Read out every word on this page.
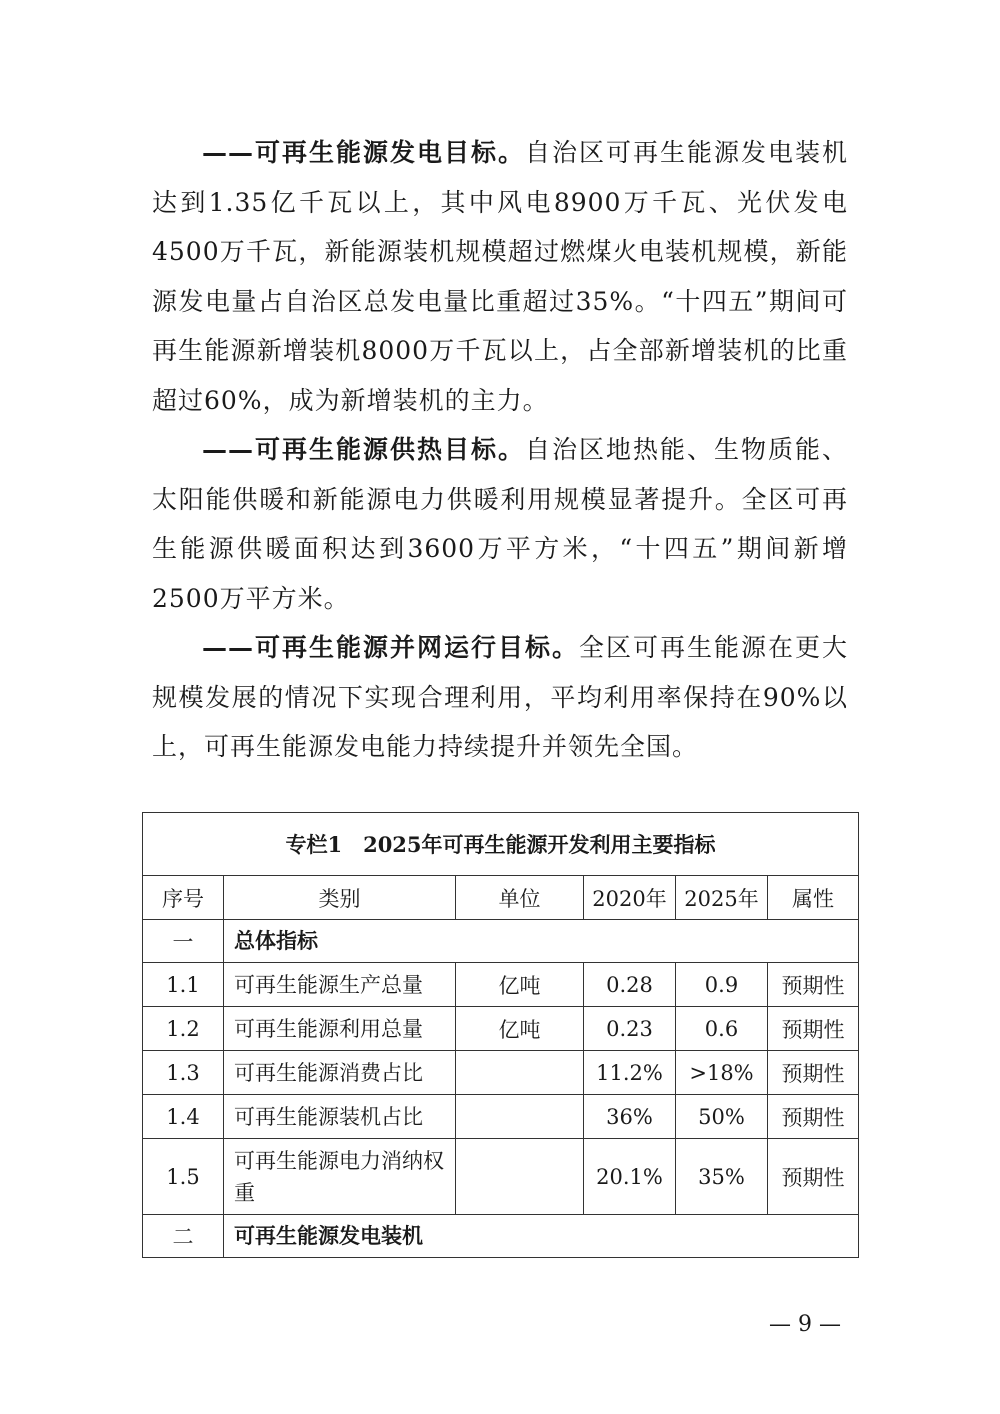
——可再生能源发电目标。自治区可再生能源发电装机达到1.35亿千瓦以上，其中风电8900万千瓦、光伏发电4500万千瓦，新能源装机规模超过燃煤火电装机规模，新能源发电量占自治区总发电量比重超过35%。“十四五”期间可再生能源新增装机8000万千瓦以上，占全部新增装机的比重超过60%，成为新增装机的主力。

——可再生能源供热目标。自治区地热能、生物质能、太阳能供暖和新能源电力供暖利用规模显著提升。全区可再生能源供暖面积达到3600万平方米，“十四五”期间新增2500万平方米。

——可再生能源并网运行目标。全区可再生能源在更大规模发展的情况下实现合理利用，平均利用率保持在90%以上，可再生能源发电能力持续提升并领先全国。

专栏1　2025年可再生能源开发利用主要指标					
序号	类别	单位	2020年	2025年	属性
一	总体指标				
1.1	可再生能源生产总量	亿吨	0.28	0.9	预期性
1.2	可再生能源利用总量	亿吨	0.23	0.6	预期性
1.3	可再生能源消费占比		11.2%	>18%	预期性
1.4	可再生能源装机占比		36%	50%	预期性
1.5	可再生能源电力消纳权重		20.1%	35%	预期性
二	可再生能源发电装机				
— 9 —
